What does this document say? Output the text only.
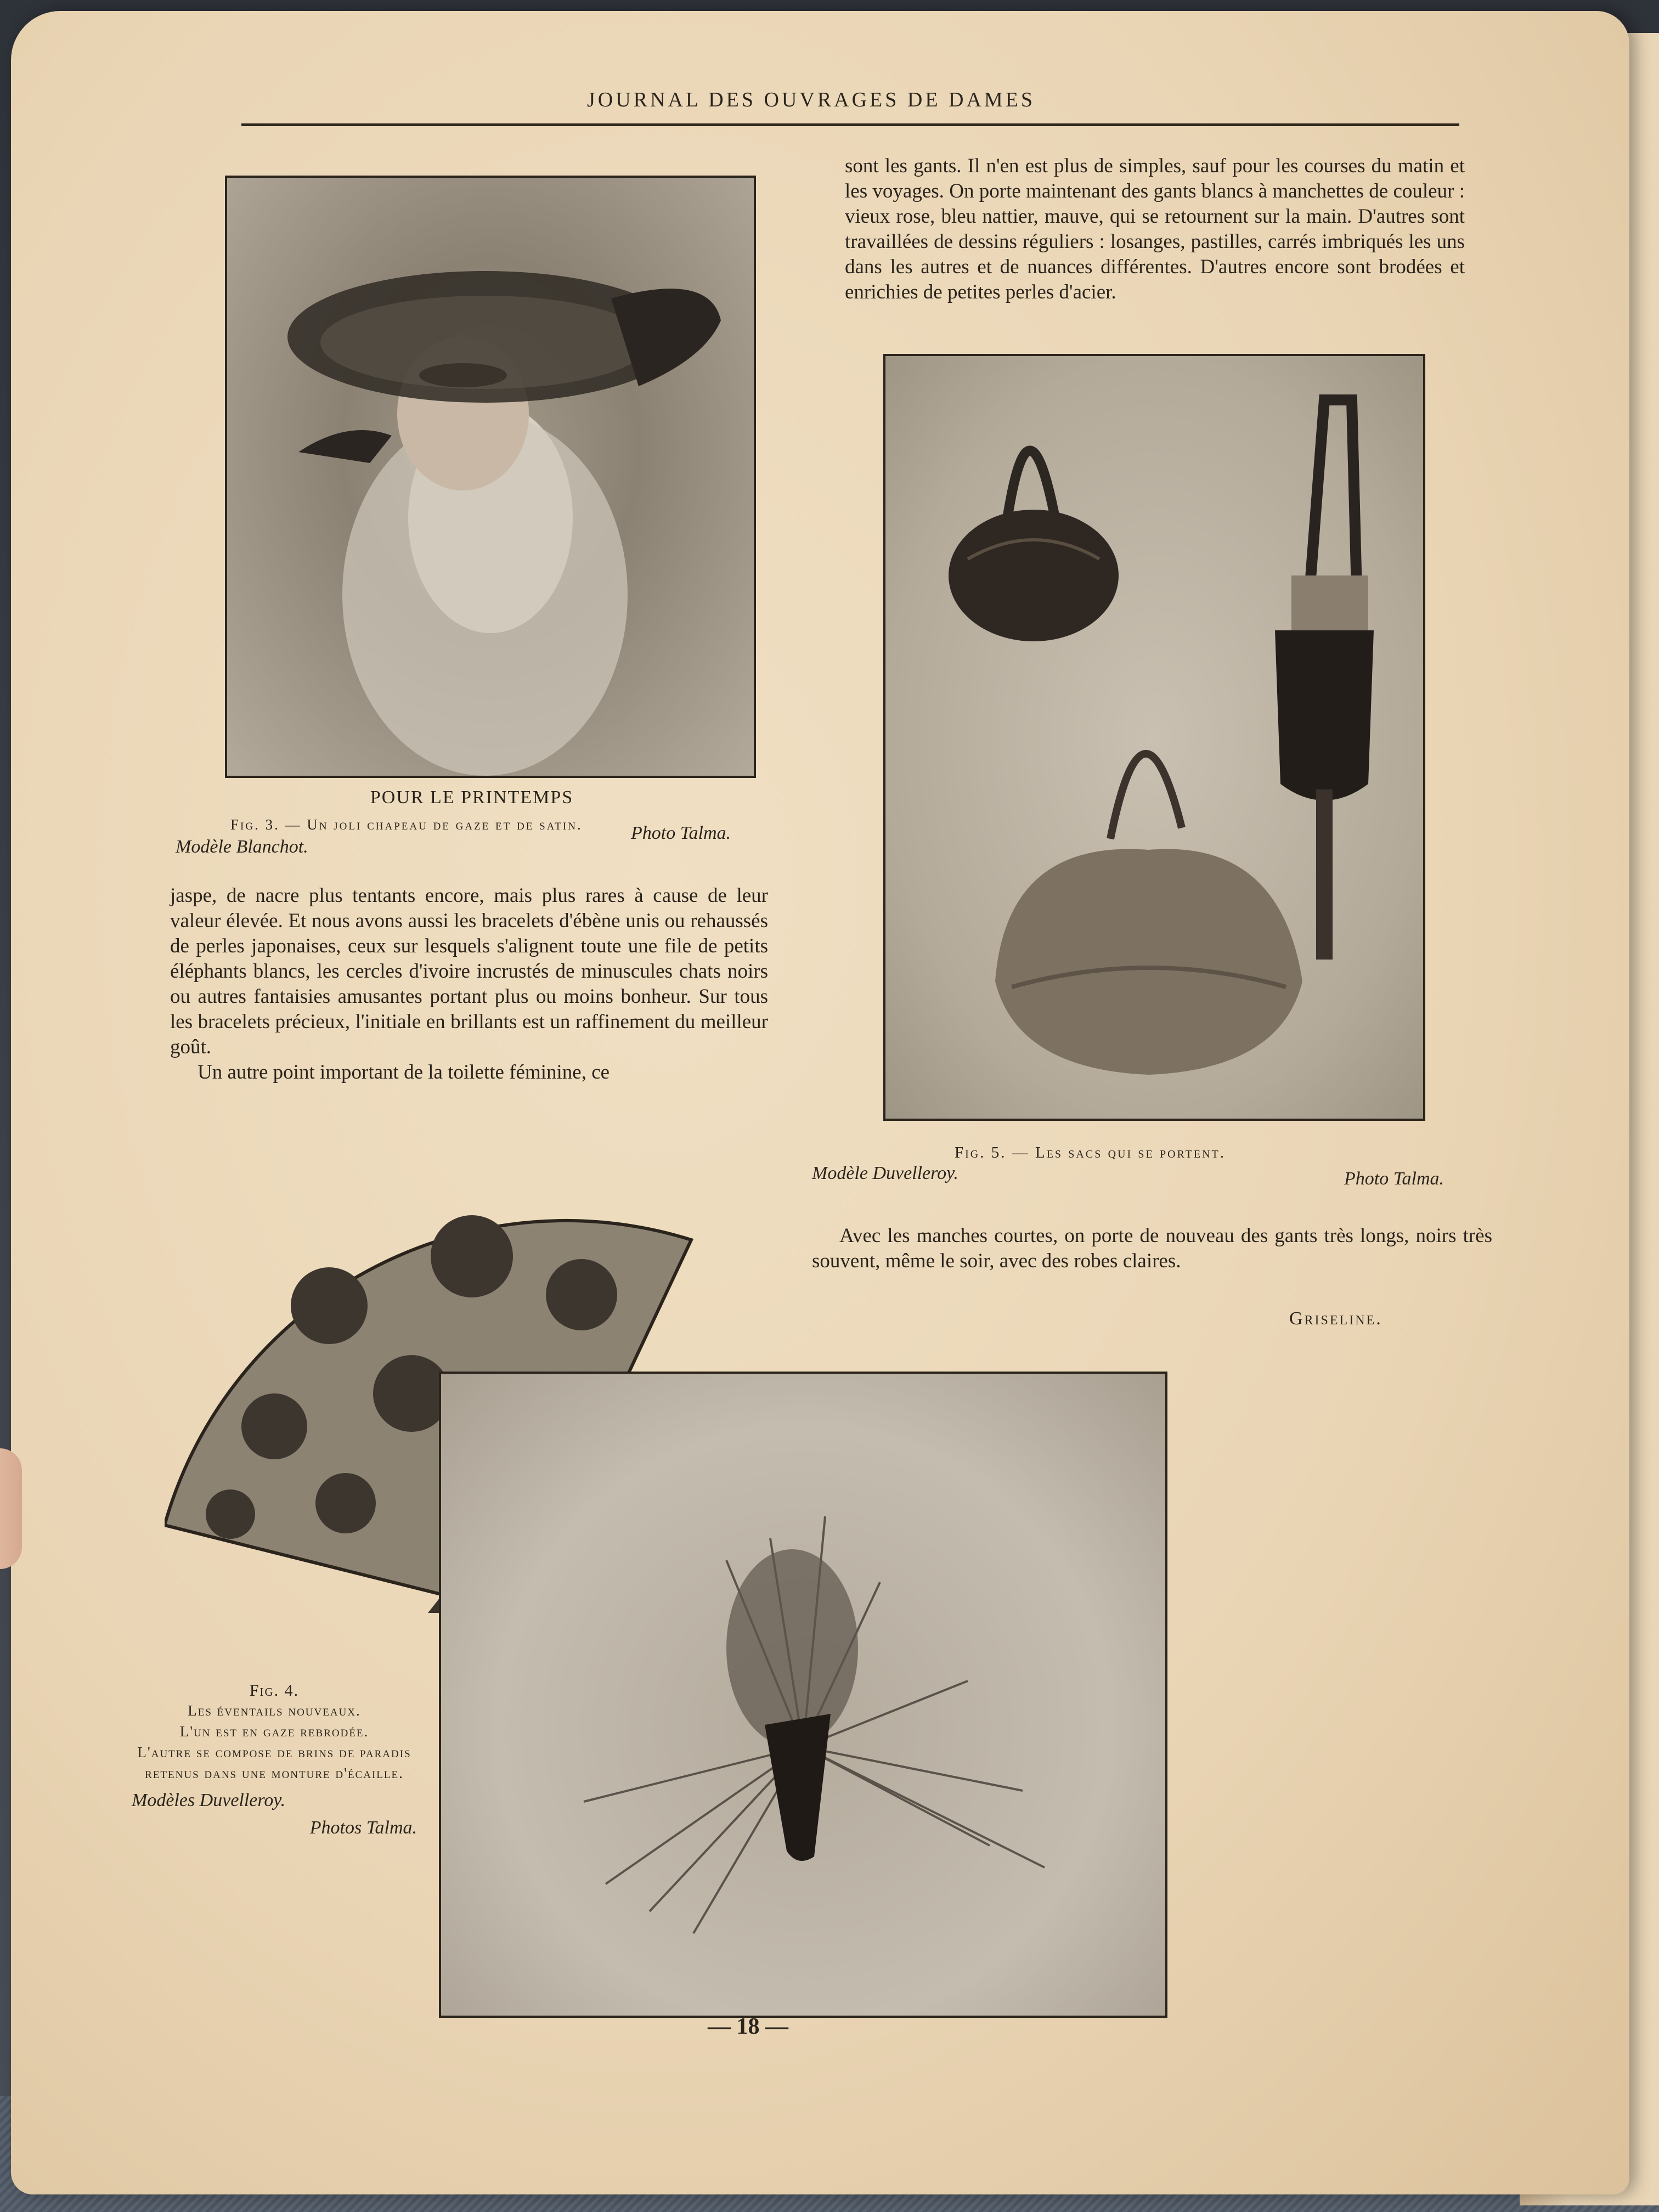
JOURNAL DES OUVRAGES DE DAMES
POUR LE PRINTEMPS
Fig. 3. — Un joli chapeau de gaze et de satin.
Modèle Blanchot.
Photo Talma.

jaspe, de nacre plus tentants encore, mais plus rares à cause de leur valeur élevée. Et nous avons aussi les bracelets d'ébène unis ou rehaussés de perles japonaises, ceux sur lesquels s'alignent toute une file de petits éléphants blancs, les cercles d'ivoire incrustés de minuscules chats noirs ou autres fantaisies amusantes portant plus ou moins bonheur. Sur tous les bracelets précieux, l'initiale en brillants est un raffinement du meilleur goût.

Un autre point important de la toilette féminine, ce

sont les gants. Il n'en est plus de simples, sauf pour les courses du matin et les voyages. On porte maintenant des gants blancs à manchettes de couleur : vieux rose, bleu nattier, mauve, qui se retournent sur la main. D'autres sont travaillées de dessins réguliers : losanges, pastilles, carrés imbriqués les uns dans les autres et de nuances différentes. D'autres encore sont brodées et enrichies de petites perles d'acier.

Fig. 5. — Les sacs qui se portent.
Modèle Duvelleroy.	Photo Talma.

Avec les manches courtes, on porte de nouveau des gants très longs, noirs très souvent, même le soir, avec des robes claires.

Griseline.
Fig. 4.
Les éventails nouveaux.
L'un est en gaze rebrodée.
L'autre se compose de brins de paradis retenus dans une monture d'écaille.
Modèles Duvelleroy.
Photos Talma.
— 18 —
